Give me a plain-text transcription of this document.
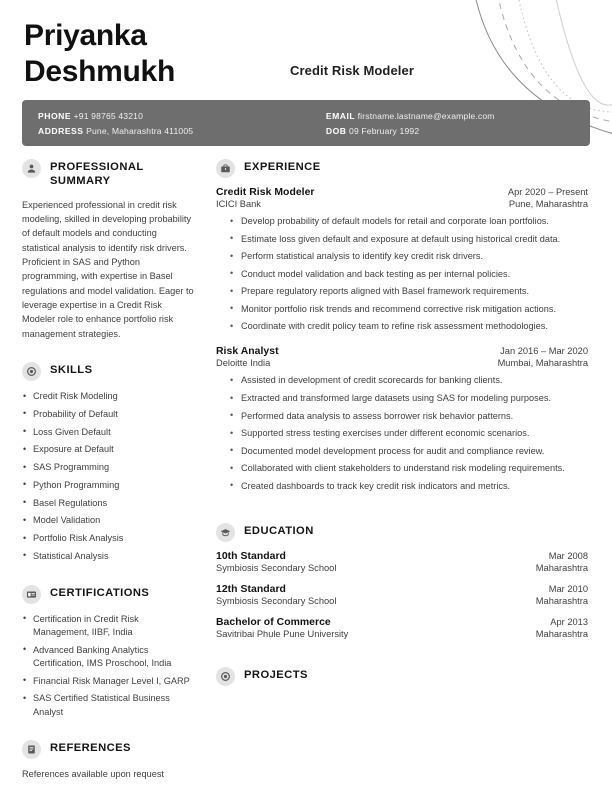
Priyanka
Deshmukh	Credit Risk Modeler
PHONE +91 98765 43210
ADDRESS Pune, Maharashtra 411005
EMAIL firstname.lastname@example.com
DOB 09 February 1992
PROFESSIONAL SUMMARY
Experienced professional in credit risk modeling, skilled in developing probability of default models and conducting statistical analysis to identify risk drivers. Proficient in SAS and Python programming, with expertise in Basel regulations and model validation. Eager to leverage expertise in a Credit Risk Modeler role to enhance portfolio risk management strategies.
SKILLS
• Credit Risk Modeling
• Probability of Default
• Loss Given Default
• Exposure at Default
• SAS Programming
• Python Programming
• Basel Regulations
• Model Validation
• Portfolio Risk Analysis
• Statistical Analysis
CERTIFICATIONS
• Certification in Credit Risk Management, IIBF, India
• Advanced Banking Analytics Certification, IMS Proschool, India
• Financial Risk Manager Level I, GARP
• SAS Certified Statistical Business Analyst
REFERENCES
References available upon request
EXPERIENCE
Credit Risk Modeler	Apr 2020 – Present
ICICI Bank	Pune, Maharashtra
• Develop probability of default models for retail and corporate loan portfolios.
• Estimate loss given default and exposure at default using historical credit data.
• Perform statistical analysis to identify key credit risk drivers.
• Conduct model validation and back testing as per internal policies.
• Prepare regulatory reports aligned with Basel framework requirements.
• Monitor portfolio risk trends and recommend corrective risk mitigation actions.
• Coordinate with credit policy team to refine risk assessment methodologies.
Risk Analyst	Jan 2016 – Mar 2020
Deloitte India	Mumbai, Maharashtra
• Assisted in development of credit scorecards for banking clients.
• Extracted and transformed large datasets using SAS for modeling purposes.
• Performed data analysis to assess borrower risk behavior patterns.
• Supported stress testing exercises under different economic scenarios.
• Documented model development process for audit and compliance review.
• Collaborated with client stakeholders to understand risk modeling requirements.
• Created dashboards to track key credit risk indicators and metrics.
EDUCATION
10th Standard	Mar 2008
Symbiosis Secondary School	Maharashtra
12th Standard	Mar 2010
Symbiosis Secondary School	Maharashtra
Bachelor of Commerce	Apr 2013
Savitribai Phule Pune University	Maharashtra
PROJECTS
